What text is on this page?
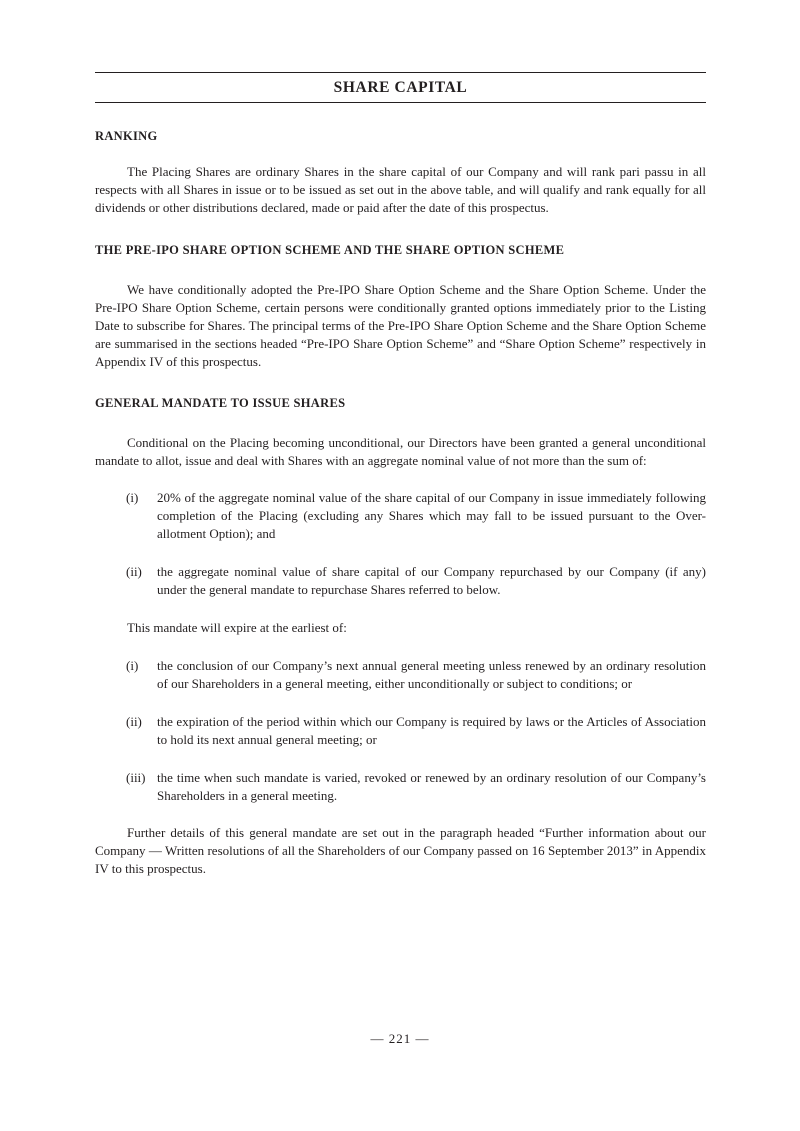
SHARE CAPITAL

RANKING

The Placing Shares are ordinary Shares in the share capital of our Company and will rank pari passu in all respects with all Shares in issue or to be issued as set out in the above table, and will qualify and rank equally for all dividends or other distributions declared, made or paid after the date of this prospectus.

THE PRE-IPO SHARE OPTION SCHEME AND THE SHARE OPTION SCHEME

We have conditionally adopted the Pre-IPO Share Option Scheme and the Share Option Scheme. Under the Pre-IPO Share Option Scheme, certain persons were conditionally granted options immediately prior to the Listing Date to subscribe for Shares. The principal terms of the Pre-IPO Share Option Scheme and the Share Option Scheme are summarised in the sections headed “Pre-IPO Share Option Scheme” and “Share Option Scheme” respectively in Appendix IV of this prospectus.

GENERAL MANDATE TO ISSUE SHARES

Conditional on the Placing becoming unconditional, our Directors have been granted a general unconditional mandate to allot, issue and deal with Shares with an aggregate nominal value of not more than the sum of:

(i)	20% of the aggregate nominal value of the share capital of our Company in issue immediately following completion of the Placing (excluding any Shares which may fall to be issued pursuant to the Over-allotment Option); and
(ii)	the aggregate nominal value of share capital of our Company repurchased by our Company (if any) under the general mandate to repurchase Shares referred to below.

This mandate will expire at the earliest of:

(i)	the conclusion of our Company’s next annual general meeting unless renewed by an ordinary resolution of our Shareholders in a general meeting, either unconditionally or subject to conditions; or
(ii)	the expiration of the period within which our Company is required by laws or the Articles of Association to hold its next annual general meeting; or
(iii) the time when such mandate is varied, revoked or renewed by an ordinary resolution of our Company’s Shareholders in a general meeting.

Further details of this general mandate are set out in the paragraph headed “Further information about our Company — Written resolutions of all the Shareholders of our Company passed on 16 September 2013” in Appendix IV to this prospectus.

— 221 —
